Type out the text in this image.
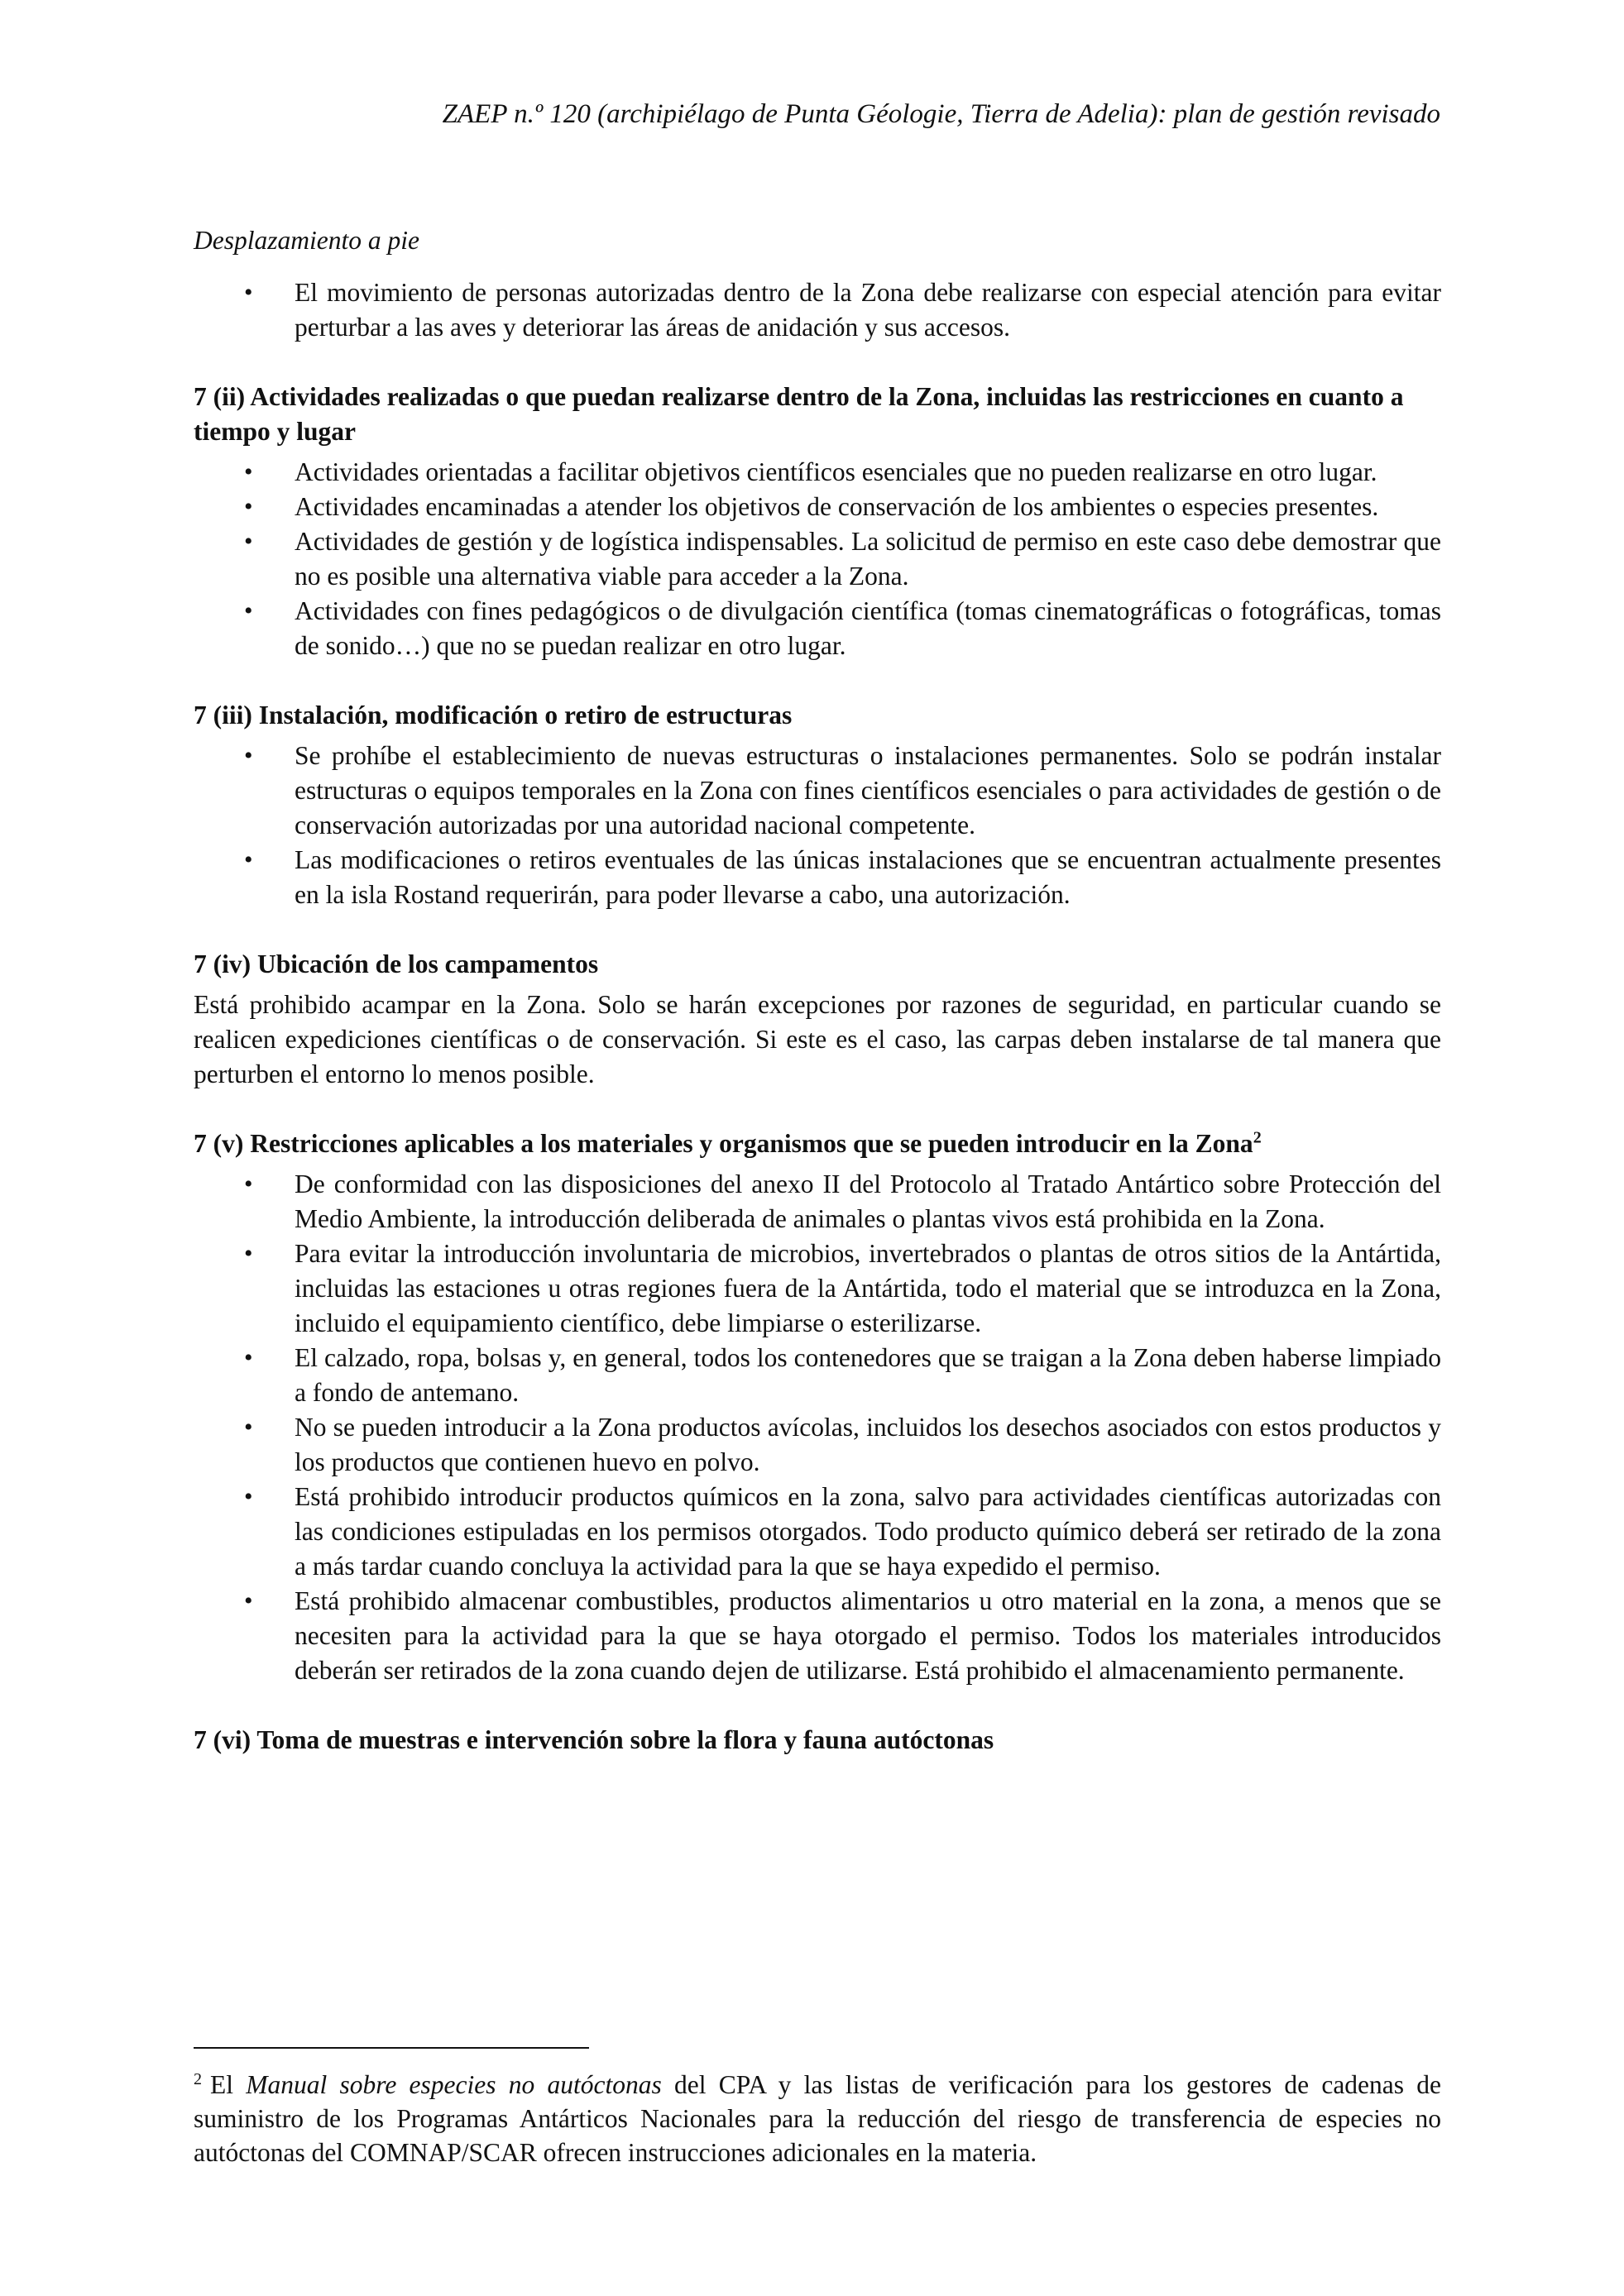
ZAEP n.º 120 (archipiélago de Punta Géologie, Tierra de Adelia): plan de gestión revisado
Desplazamiento a pie
• El movimiento de personas autorizadas dentro de la Zona debe realizarse con especial atención para evitar perturbar a las aves y deteriorar las áreas de anidación y sus accesos.
7 (ii) Actividades realizadas o que puedan realizarse dentro de la Zona, incluidas las restricciones en cuanto a tiempo y lugar
• Actividades orientadas a facilitar objetivos científicos esenciales que no pueden realizarse en otro lugar.
• Actividades encaminadas a atender los objetivos de conservación de los ambientes o especies presentes.
• Actividades de gestión y de logística indispensables. La solicitud de permiso en este caso debe demostrar que no es posible una alternativa viable para acceder a la Zona.
• Actividades con fines pedagógicos o de divulgación científica (tomas cinematográficas o fotográficas, tomas de sonido…) que no se puedan realizar en otro lugar.
7 (iii) Instalación, modificación o retiro de estructuras
• Se prohíbe el establecimiento de nuevas estructuras o instalaciones permanentes. Solo se podrán instalar estructuras o equipos temporales en la Zona con fines científicos esenciales o para actividades de gestión o de conservación autorizadas por una autoridad nacional competente.
• Las modificaciones o retiros eventuales de las únicas instalaciones que se encuentran actualmente presentes en la isla Rostand requerirán, para poder llevarse a cabo, una autorización.
7 (iv) Ubicación de los campamentos

Está prohibido acampar en la Zona. Solo se harán excepciones por razones de seguridad, en particular cuando se realicen expediciones científicas o de conservación. Si este es el caso, las carpas deben instalarse de tal manera que perturben el entorno lo menos posible.

7 (v) Restricciones aplicables a los materiales y organismos que se pueden introducir en la Zona$^2$
• De conformidad con las disposiciones del anexo II del Protocolo al Tratado Antártico sobre Protección del Medio Ambiente, la introducción deliberada de animales o plantas vivos está prohibida en la Zona.
• Para evitar la introducción involuntaria de microbios, invertebrados o plantas de otros sitios de la Antártida, incluidas las estaciones u otras regiones fuera de la Antártida, todo el material que se introduzca en la Zona, incluido el equipamiento científico, debe limpiarse o esterilizarse.
• El calzado, ropa, bolsas y, en general, todos los contenedores que se traigan a la Zona deben haberse limpiado a fondo de antemano.
• No se pueden introducir a la Zona productos avícolas, incluidos los desechos asociados con estos productos y los productos que contienen huevo en polvo.
• Está prohibido introducir productos químicos en la zona, salvo para actividades científicas autorizadas con las condiciones estipuladas en los permisos otorgados. Todo producto químico deberá ser retirado de la zona a más tardar cuando concluya la actividad para la que se haya expedido el permiso.
• Está prohibido almacenar combustibles, productos alimentarios u otro material en la zona, a menos que se necesiten para la actividad para la que se haya otorgado el permiso. Todos los materiales introducidos deberán ser retirados de la zona cuando dejen de utilizarse. Está prohibido el almacenamiento permanente.
7 (vi) Toma de muestras e intervención sobre la flora y fauna autóctonas
$^2$ El Manual sobre especies no autóctonas del CPA y las listas de verificación para los gestores de cadenas de suministro de los Programas Antárticos Nacionales para la reducción del riesgo de transferencia de especies no autóctonas del COMNAP/SCAR ofrecen instrucciones adicionales en la materia.
